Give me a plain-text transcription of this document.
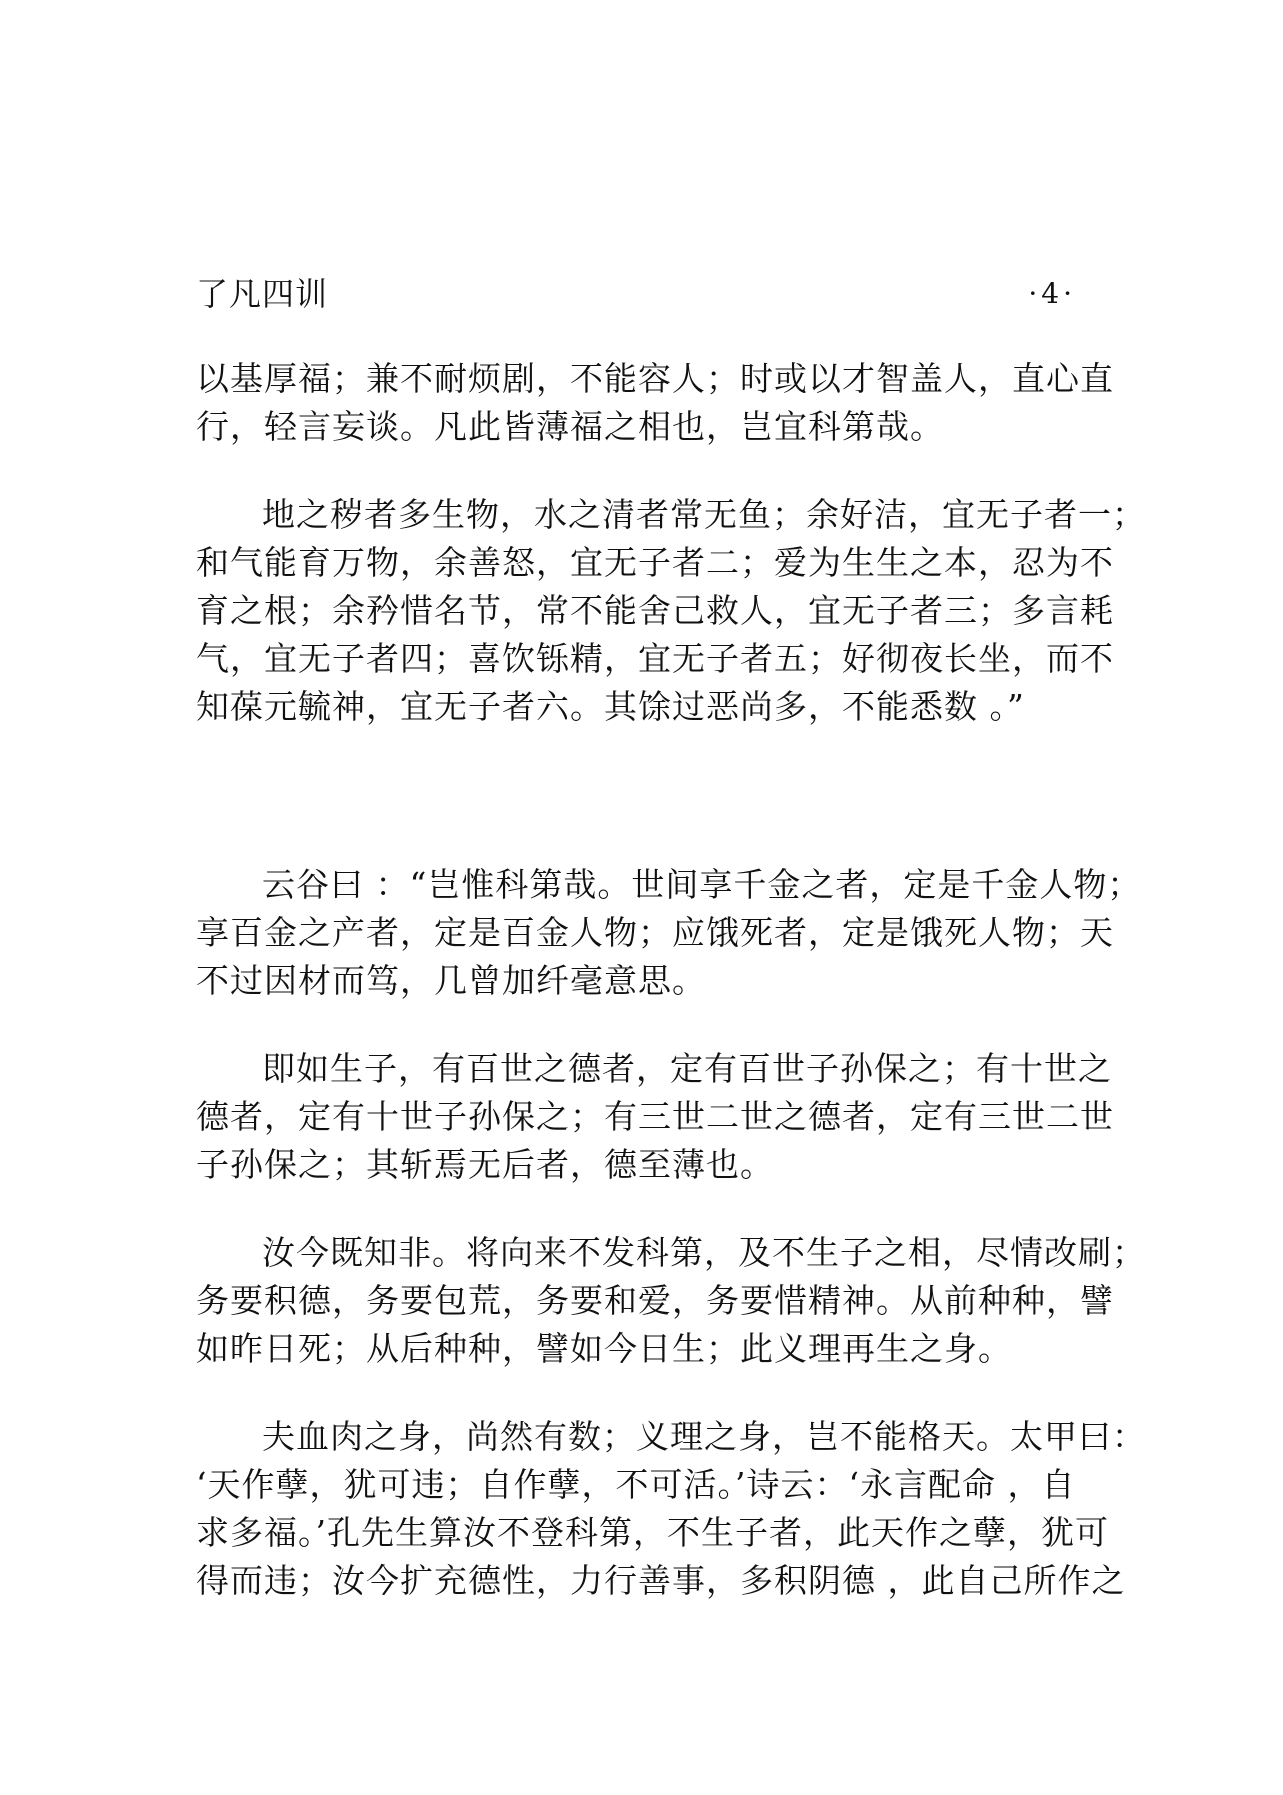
了凡四训	·4·

以基厚福；兼不耐烦剧，不能容人；时或以才智盖人，直心直
行，轻言妄谈。凡此皆薄福之相也，岂宜科第哉。

地之秽者多生物，水之清者常无鱼；余好洁，宜无子者一；
和气能育万物，余善怒，宜无子者二；爱为生生之本，忍为不
育之根；余矜惜名节，常不能舍己救人，宜无子者三；多言耗
气，宜无子者四；喜饮铄精，宜无子者五；好彻夜长坐，而不
知葆元毓神，宜无子者六。其馀过恶尚多，不能悉数 。”

云谷曰 ：“岂惟科第哉。世间享千金之者，定是千金人物；
享百金之产者，定是百金人物；应饿死者，定是饿死人物；天
不过因材而笃，几曾加纤毫意思。

即如生子，有百世之德者，定有百世子孙保之；有十世之
德者，定有十世子孙保之；有三世二世之德者，定有三世二世
子孙保之；其斩焉无后者，德至薄也。

汝今既知非。将向来不发科第，及不生子之相，尽情改刷；
务要积德，务要包荒，务要和爱，务要惜精神。从前种种，譬
如昨日死；从后种种，譬如今日生；此义理再生之身。

夫血肉之身，尚然有数；义理之身，岂不能格天。太甲曰：
‘天作孽，犹可违；自作孽，不可活。’诗云：‘永言配命 ，自
求多福。’孔先生算汝不登科第，不生子者，此天作之孽，犹可
得而违；汝今扩充德性，力行善事，多积阴德 ，此自己所作之
